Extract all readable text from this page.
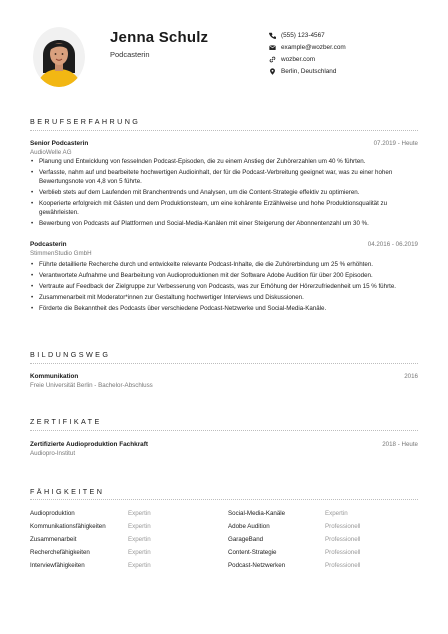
Jenna Schulz
Podcasterin
(555) 123-4567
example@wozber.com
wozber.com
Berlin, Deutschland
BERUFSERFAHRUNG
Senior Podcasterin	07.2019 - Heute
AudioWelle AG
• Planung und Entwicklung von fesselnden Podcast-Episoden, die zu einem Anstieg der Zuhörerzahlen um 40 % führten.
• Verfasste, nahm auf und bearbeitete hochwertigen Audioinhalt, der für die Podcast-Verbreitung geeignet war, was zu einer hohen Bewertungsnote von 4,8 von 5 führte.
• Verblieb stets auf dem Laufenden mit Branchentrends und Analysen, um die Content-Strategie effektiv zu optimieren.
• Kooperierte erfolgreich mit Gästen und dem Produktionsteam, um eine kohärente Erzählweise und hohe Produktionsqualität zu gewährleisten.
• Bewerbung von Podcasts auf Plattformen und Social-Media-Kanälen mit einer Steigerung der Abonnentenzahl um 30 %.
Podcasterin	04.2016 - 06.2019
StimmenStudio GmbH
• Führte detaillierte Recherche durch und entwickelte relevante Podcast-Inhalte, die die Zuhörerbindung um 25 % erhöhten.
• Verantwortete Aufnahme und Bearbeitung von Audioproduktionen mit der Software Adobe Audition für über 200 Episoden.
• Vertraute auf Feedback der Zielgruppe zur Verbesserung von Podcasts, was zur Erhöhung der Hörerzufriedenheit um 15 % führte.
• Zusammenarbeit mit Moderator*innen zur Gestaltung hochwertiger Interviews und Diskussionen.
• Förderte die Bekanntheit des Podcasts über verschiedene Podcast-Netzwerke und Social-Media-Kanäle.
BILDUNGSWEG
Kommunikation	2016
Freie Universität Berlin - Bachelor-Abschluss
ZERTIFIKATE
Zertifizierte Audioproduktion Fachkraft	2018 - Heute
Audiopro-Institut
FÄHIGKEITEN
Audioproduktion	Expertin
Kommunikationsfähigkeiten	Expertin
Zusammenarbeit	Expertin
Recherchefähigkeiten	Expertin
Interviewfähigkeiten	Expertin
Social-Media-Kanäle	Expertin
Adobe Audition	Professionell
GarageBand	Professionell
Content-Strategie	Professionell
Podcast-Netzwerken	Professionell
